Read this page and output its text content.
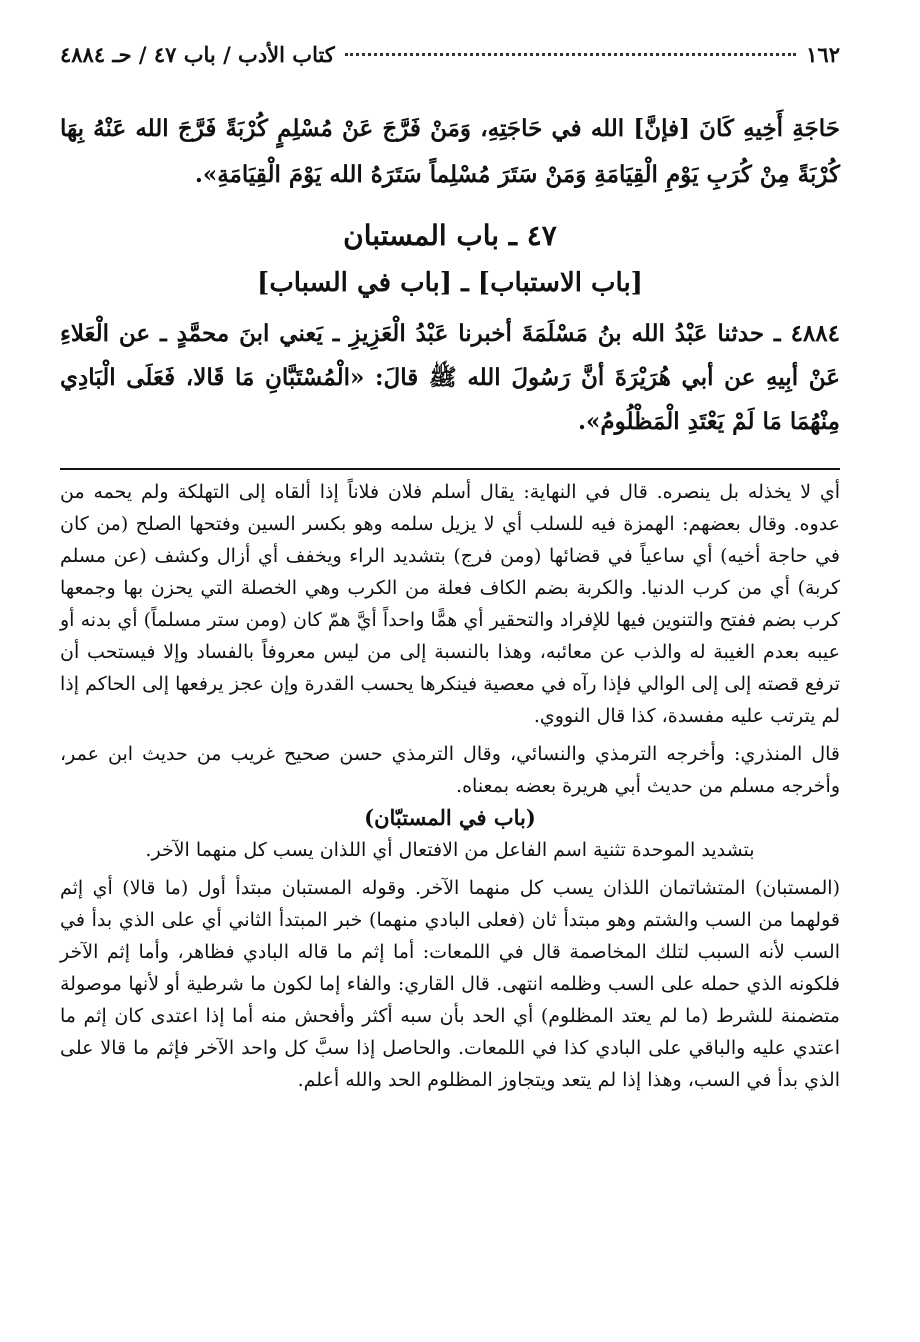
١٦٢
كتاب الأدب / باب ٤٧ / حـ ٤٨٨٤
حَاجَةِ أَخِيهِ كَانَ [فإنَّ] الله في حَاجَتِهِ، وَمَنْ فَرَّجَ عَنْ مُسْلِمٍ كُرْبَةً فَرَّجَ الله عَنْهُ بِهَا كُرْبَةً مِنْ كُرَبِ يَوْمِ الْقِيَامَةِ وَمَنْ سَتَرَ مُسْلِماً سَتَرَهُ الله يَوْمَ الْقِيَامَةِ».
٤٧ ـ باب المستبان
[باب الاستباب] ـ [باب في السباب]
٤٨٨٤ ـ حدثنا عَبْدُ الله بنُ مَسْلَمَةَ أخبرنا عَبْدُ الْعَزِيزِ ـ يَعني ابنَ محمَّدٍ ـ عن الْعَلاءِ عَنْ أبِيهِ عن أبي هُرَيْرَةَ أنَّ رَسُولَ الله ﷺ قالَ: «الْمُسْتَبَّانِ مَا قَالا، فَعَلَى الْبَادِي مِنْهُمَا مَا لَمْ يَعْتَدِ الْمَظْلُومُ».

أي لا يخذله بل ينصره. قال في النهاية: يقال أسلم فلان فلاناً إذا ألقاه إلى التهلكة ولم يحمه من عدوه. وقال بعضهم: الهمزة فيه للسلب أي لا يزيل سلمه وهو بكسر السين وفتحها الصلح (من كان في حاجة أخيه) أي ساعياً في قضائها (ومن فرج) بتشديد الراء ويخفف أي أزال وكشف (عن مسلم كربة) أي من كرب الدنيا. والكربة بضم الكاف فعلة من الكرب وهي الخصلة التي يحزن بها وجمعها كرب بضم ففتح والتنوين فيها للإفراد والتحقير أي همًّا واحداً أيَّ همّ كان (ومن ستر مسلماً) أي بدنه أو عيبه بعدم الغيبة له والذب عن معائبه، وهذا بالنسبة إلى من ليس معروفاً بالفساد وإلا فيستحب أن ترفع قصته إلى إلى الوالي فإذا رآه في معصية فينكرها يحسب القدرة وإن عجز يرفعها إلى الحاكم إذا لم يترتب عليه مفسدة، كذا قال النووي.

قال المنذري: وأخرجه الترمذي والنسائي، وقال الترمذي حسن صحيح غريب من حديث ابن عمر، وأخرجه مسلم من حديث أبي هريرة بعضه بمعناه.

(باب في المستبّان)
بتشديد الموحدة تثنية اسم الفاعل من الافتعال أي اللذان يسب كل منهما الآخر.

(المستبان) المتشاتمان اللذان يسب كل منهما الآخر. وقوله المستبان مبتدأ أول (ما قالا) أي إثم قولهما من السب والشتم وهو مبتدأ ثان (فعلى البادي منهما) خبر المبتدأ الثاني أي على الذي بدأ في السب لأنه السبب لتلك المخاصمة قال في اللمعات: أما إثم ما قاله البادي فظاهر، وأما إثم الآخر فلكونه الذي حمله على السب وظلمه انتهى. قال القاري: والفاء إما لكون ما شرطية أو لأنها موصولة متضمنة للشرط (ما لم يعتد المظلوم) أي الحد بأن سبه أكثر وأفحش منه أما إذا اعتدى كان إثم ما اعتدي عليه والباقي على البادي كذا في اللمعات. والحاصل إذا سبَّ كل واحد الآخر فإثم ما قالا على الذي بدأ في السب، وهذا إذا لم يتعد ويتجاوز المظلوم الحد والله أعلم.
